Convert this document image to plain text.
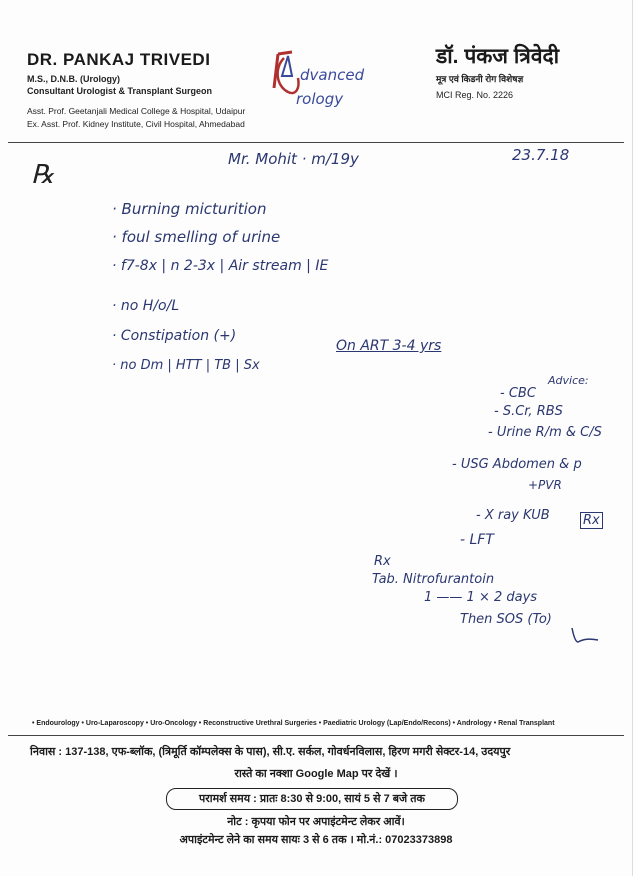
DR. PANKAJ TRIVEDI
M.S., D.N.B. (Urology)
Consultant Urologist & Transplant Surgeon
Asst. Prof. Geetanjali Medical College & Hospital, Udaipur
Ex. Asst. Prof. Kidney Institute, Civil Hospital, Ahmedabad
dvanced
rology
डॉ. पंकज त्रिवेदी
मूत्र एवं किडनी रोग विशेषज्ञ
MCI Reg. No. 2226
℞
Mr. Mohit · m/19y	23.7.18
· Burning micturition
· foul smelling of urine
· f7-8x | n 2-3x | Air stream | IE
· no H/o/L
· Constipation (+)
· no Dm | HTT | TB | Sx
On ART 3-4 yrs
Advice:
- CBC
- S.Cr, RBS
- Urine R/m & C/S
- USG Abdomen & p
+PVR
- X ray KUB	Rx
- LFT
Rx
Tab. Nitrofurantoin
1 —— 1 × 2 days
Then SOS (To)
• Endourology • Uro-Laparoscopy • Uro-Oncology • Reconstructive Urethral Surgeries • Paediatric Urology (Lap/Endo/Recons) • Andrology • Renal Transplant
निवास : 137-138, एफ-ब्लॉक, (त्रिमूर्ति कॉम्पलेक्स के पास), सी.ए. सर्कल, गोवर्धनविलास, हिरण मगरी सेक्टर-14, उदयपुर
रास्ते का नक्शा Google Map पर देखें ।
परामर्श समय : प्रातः 8:30 से 9:00, सायं 5 से 7 बजे तक
नोट : कृपया फोन पर अपाइंटमेन्ट लेकर आवें।
अपाइंटमेन्ट लेने का समय सायः 3 से 6 तक । मो.नं.: 07023373898
